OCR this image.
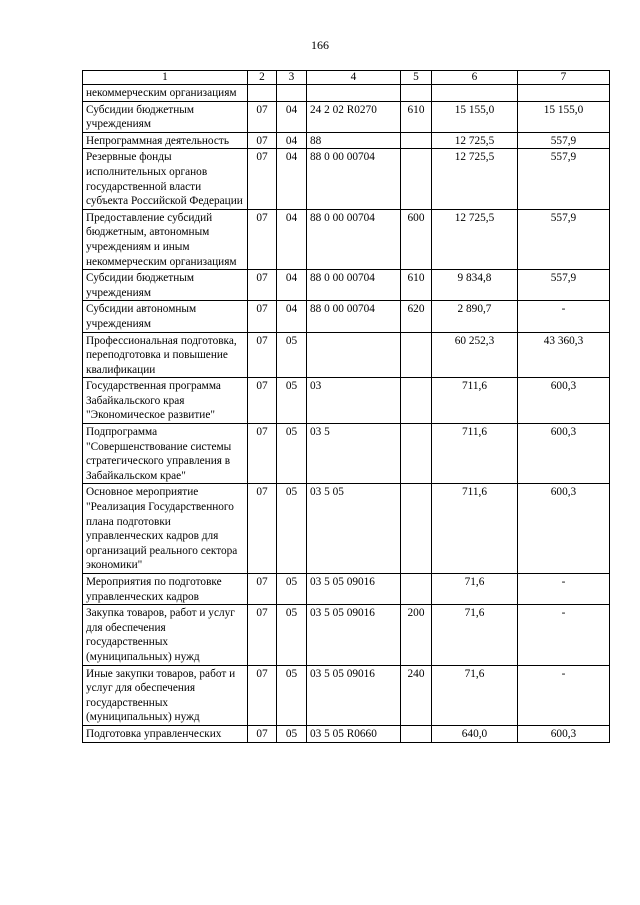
166
1	2	3	4	5	6	7
некоммерческим организациям						
Субсидии бюджетным учреждениям	07	04	24 2 02 R0270	610	15 155,0	15 155,0
Непрограммная деятельность	07	04	88		12 725,5	557,9
Резервные фонды исполнительных органов государственной власти субъекта Российской Федерации	07	04	88 0 00 00704		12 725,5	557,9
Предоставление субсидий бюджетным, автономным учреждениям и иным некоммерческим организациям	07	04	88 0 00 00704	600	12 725,5	557,9
Субсидии бюджетным учреждениям	07	04	88 0 00 00704	610	9 834,8	557,9
Субсидии автономным учреждениям	07	04	88 0 00 00704	620	2 890,7	-
Профессиональная подготовка, переподготовка и повышение квалификации	07	05			60 252,3	43 360,3
Государственная программа Забайкальского края "Экономическое развитие"	07	05	03		711,6	600,3
Подпрограмма "Совершенствование системы стратегического управления в Забайкальском крае"	07	05	03 5		711,6	600,3
Основное мероприятие "Реализация Государственного плана подготовки управленческих кадров для организаций реального сектора экономики"	07	05	03 5 05		711,6	600,3
Мероприятия по подготовке управленческих кадров	07	05	03 5 05 09016		71,6	-
Закупка товаров, работ и услуг для обеспечения государственных (муниципальных) нужд	07	05	03 5 05 09016	200	71,6	-
Иные закупки товаров, работ и услуг для обеспечения государственных (муниципальных) нужд	07	05	03 5 05 09016	240	71,6	-
Подготовка управленческих	07	05	03 5 05 R0660		640,0	600,3
